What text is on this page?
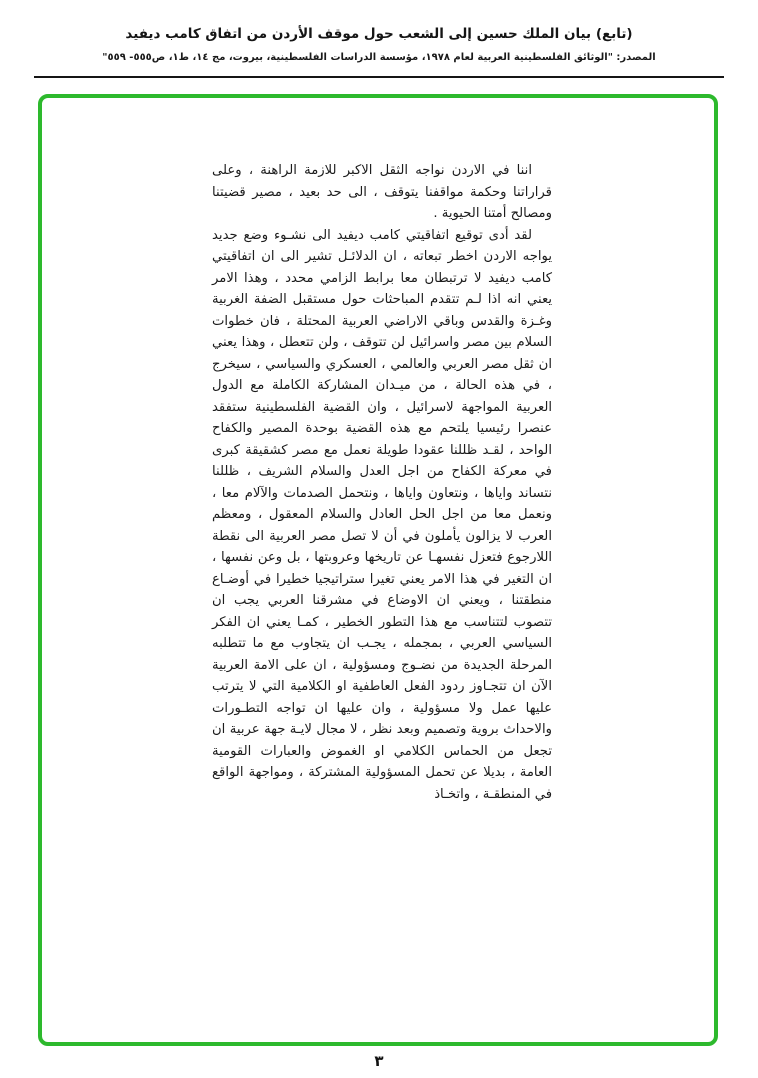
(تابع) بيان الملك حسين إلى الشعب حول موقف الأردن من اتفاق كامب ديفيد
المصدر: "الوثائق الفلسطينية العربية لعام ١٩٧٨، مؤسسة الدراسات الفلسطينية، بيروت، مج ١٤، ط١، ص٥٥٥- ٥٥٩"

اننا في الاردن نواجه الثقل الاكبر للازمة الراهنة ، وعلى قراراتنا وحكمة مواقفنا يتوقف ، الى حد بعيد ، مصير قضيتنا ومصالح أمتنا الحيوية .

لقد أدى توقيع اتفاقيتي كامب ديفيد الى نشـوء وضع جديد يواجه الاردن اخطر تبعاته ، ان الدلائـل تشير الى ان اتفاقيتي كامب ديفيد لا ترتبطان معا برابط الزامي محدد ، وهذا الامر يعني انه اذا لـم تتقدم المباحثات حول مستقبل الضفة الغربية وغـزة والقدس وباقي الاراضي العربية المحتلة ، فان خطوات السلام بين مصر واسرائيل لن تتوقف ، ولن تتعطل ، وهذا يعني ان ثقل مصر العربي والعالمي ، العسكري والسياسي ، سيخرج ، في هذه الحالة ، من ميـدان المشاركة الكاملة مع الدول العربية المواجهة لاسرائيل ، وان القضية الفلسطينية ستفقد عنصرا رئيسيا يلتحم مع هذه القضية بوحدة المصير والكفاح الواحد ، لقـد ظللنا عقودا طويلة نعمل مع مصر كشقيقة كبرى في معركة الكفاح من اجل العدل والسلام الشريف ، ظللنا نتساند واياها ، ونتعاون واياها ، ونتحمل الصدمات والآلام معا ، ونعمل معا من اجل الحل العادل والسلام المعقول ، ومعظم العرب لا يزالون يأملون في أن لا تصل مصر العربية الى نقطة اللارجوع فتعزل نفسهـا عن تاريخها وعروبتها ، بل وعن نفسها ، ان التغير في هذا الامر يعني تغيرا ستراتيجيا خطيرا في أوضـاع منطقتنا ، ويعني ان الاوضاع في مشرقنا العربي يجب ان تتصوب لتتناسب مع هذا التطور الخطير ، كمـا يعني ان الفكر السياسي العربي ، بمجمله ، يجـب ان يتجاوب مع ما تتطلبه المرحلة الجديدة من نضـوج ومسؤولية ، ان على الامة العربية الآن ان تتجـاوز ردود الفعل العاطفية او الكلامية التي لا يترتب عليها عمل ولا مسؤولية ، وان عليها ان تواجه التطـورات والاحداث بروية وتصميم وبعد نظر ، لا مجال لايـة جهة عربية ان تجعل من الحماس الكلامي او الغموض والعبارات القومية العامة ، بديلا عن تحمل المسؤولية المشتركة ، ومواجهة الواقع في المنطقـة ، واتخـاذ

٣
